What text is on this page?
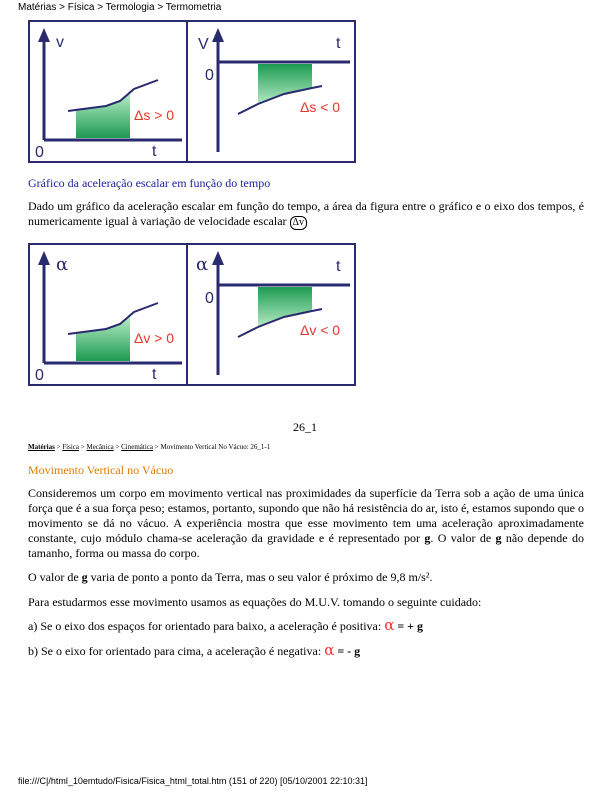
Matérias > Física > Termologia > Termometria
v
t
0
Δs > 0
V	t
0
Δs < 0
Gráfico da aceleração escalar em função do tempo
Dado um gráfico da aceleração escalar em função do tempo, a área da figura entre o gráfico e o eixo dos tempos, é numericamente igual à variação de velocidade escalar Δv
α
t
0
Δv > 0
α	t
0
Δv < 0
26_1
Matérias > Física > Mecânica > Cinemática > Movimento Vertical No Vácuo: 26_1-1
Movimento Vertical no Vácuo
Consideremos um corpo em movimento vertical nas proximidades da superfície da Terra sob a ação de uma única força que é a sua força peso; estamos, portanto, supondo que não há resistência do ar, isto é, estamos supondo que o movimento se dá no vácuo. A experiência mostra que esse movimento tem uma aceleração aproximadamente constante, cujo módulo chama-se aceleração da gravidade e é representado por g. O valor de g não depende do tamanho, forma ou massa do corpo.
O valor de g varia de ponto a ponto da Terra, mas o seu valor é próximo de 9,8 m/s².
Para estudarmos esse movimento usamos as equações do M.U.V. tomando o seguinte cuidado:
a) Se o eixo dos espaços for orientado para baixo, a aceleração é positiva: α = + g
b) Se o eixo for orientado para cima, a aceleração é negativa: α = - g
file:///C|/html_10emtudo/Fisica/Fisica_html_total.htm (151 of 220) [05/10/2001 22:10:31]
